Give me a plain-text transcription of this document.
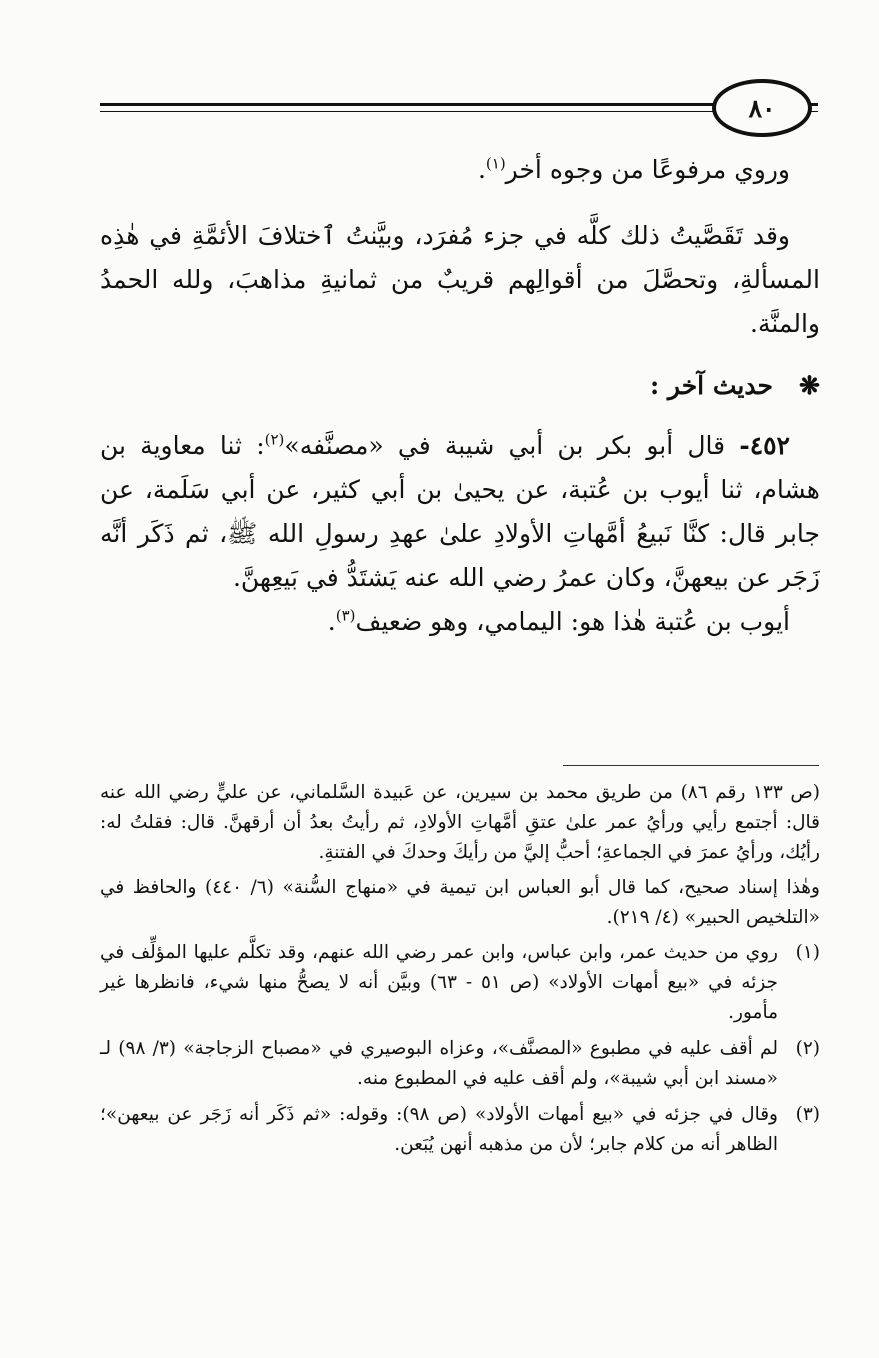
٨٠

وروي مرفوعًا من وجوه أخر$^{(١)}$.

وقد تَقَصَّيتُ ذلك كلَّه في جزء مُفرَد، وبيَّنتُ ٱختلافَ الأئمَّةِ في هٰذِه المسألةِ، وتحصَّلَ من أقوالِهم قريبٌ من ثمانيةِ مذاهبَ، ولله الحمدُ والمنَّة.

❋   حديث آخر :

٤٥٢- قال أبو بكر بن أبي شيبة في «مصنَّفه»$^{(٢)}$: ثنا معاوية بن هشام، ثنا أيوب بن عُتبة، عن يحيىٰ بن أبي كثير، عن أبي سَلَمة، عن جابر قال: كنَّا نَبيعُ أمَّهاتِ الأولادِ علىٰ عهدِ رسولِ الله ﷺ، ثم ذَكَر أنَّه زَجَر عن بيعهنَّ، وكان عمرُ رضي الله عنه يَشتَدُّ في بَيعِهنَّ.

أيوب بن عُتبة هٰذا هو: اليمامي، وهو ضعيف$^{(٣)}$.

(ص ١٣٣ رقم ٨٦) من طريق محمد بن سيرين، عن عَبيدة السَّلماني، عن عليٍّ رضي الله عنه قال: أجتمع رأيي ورأيُ عمر علىٰ عتقِ أمَّهاتِ الأولادِ، ثم رأيتُ بعدُ أن أرقهنَّ. قال: فقلتُ له: رأيُك، ورأيُ عمرَ في الجماعةِ؛ أحبُّ إليَّ من رأيكَ وحدكَ في الفتنةِ.

وهٰذا إسناد صحيح، كما قال أبو العباس ابن تيمية في «منهاج السُّنة» (٦/ ٤٤٠) والحافظ في «التلخيص الحبير» (٤/ ٢١٩).

(١)
روي من حديث عمر، وابن عباس، وابن عمر رضي الله عنهم، وقد تكلَّم عليها المؤلِّف في جزئه في «بيع أمهات الأولاد» (ص ٥١ - ٦٣) وبيَّن أنه لا يصحُّ منها شيء، فانظرها غير مأمور.
(٢)
لم أقف عليه في مطبوع «المصنَّف»، وعزاه البوصيري في «مصباح الزجاجة» (٣/ ٩٨) لـ «مسند ابن أبي شيبة»، ولم أقف عليه في المطبوع منه.
(٣)
وقال في جزئه في «بيع أمهات الأولاد» (ص ٩٨): وقوله: «ثم ذَكَر أنه زَجَر عن بيعهن»؛ الظاهر أنه من كلام جابر؛ لأن من مذهبه أنهن يُبَعن.
